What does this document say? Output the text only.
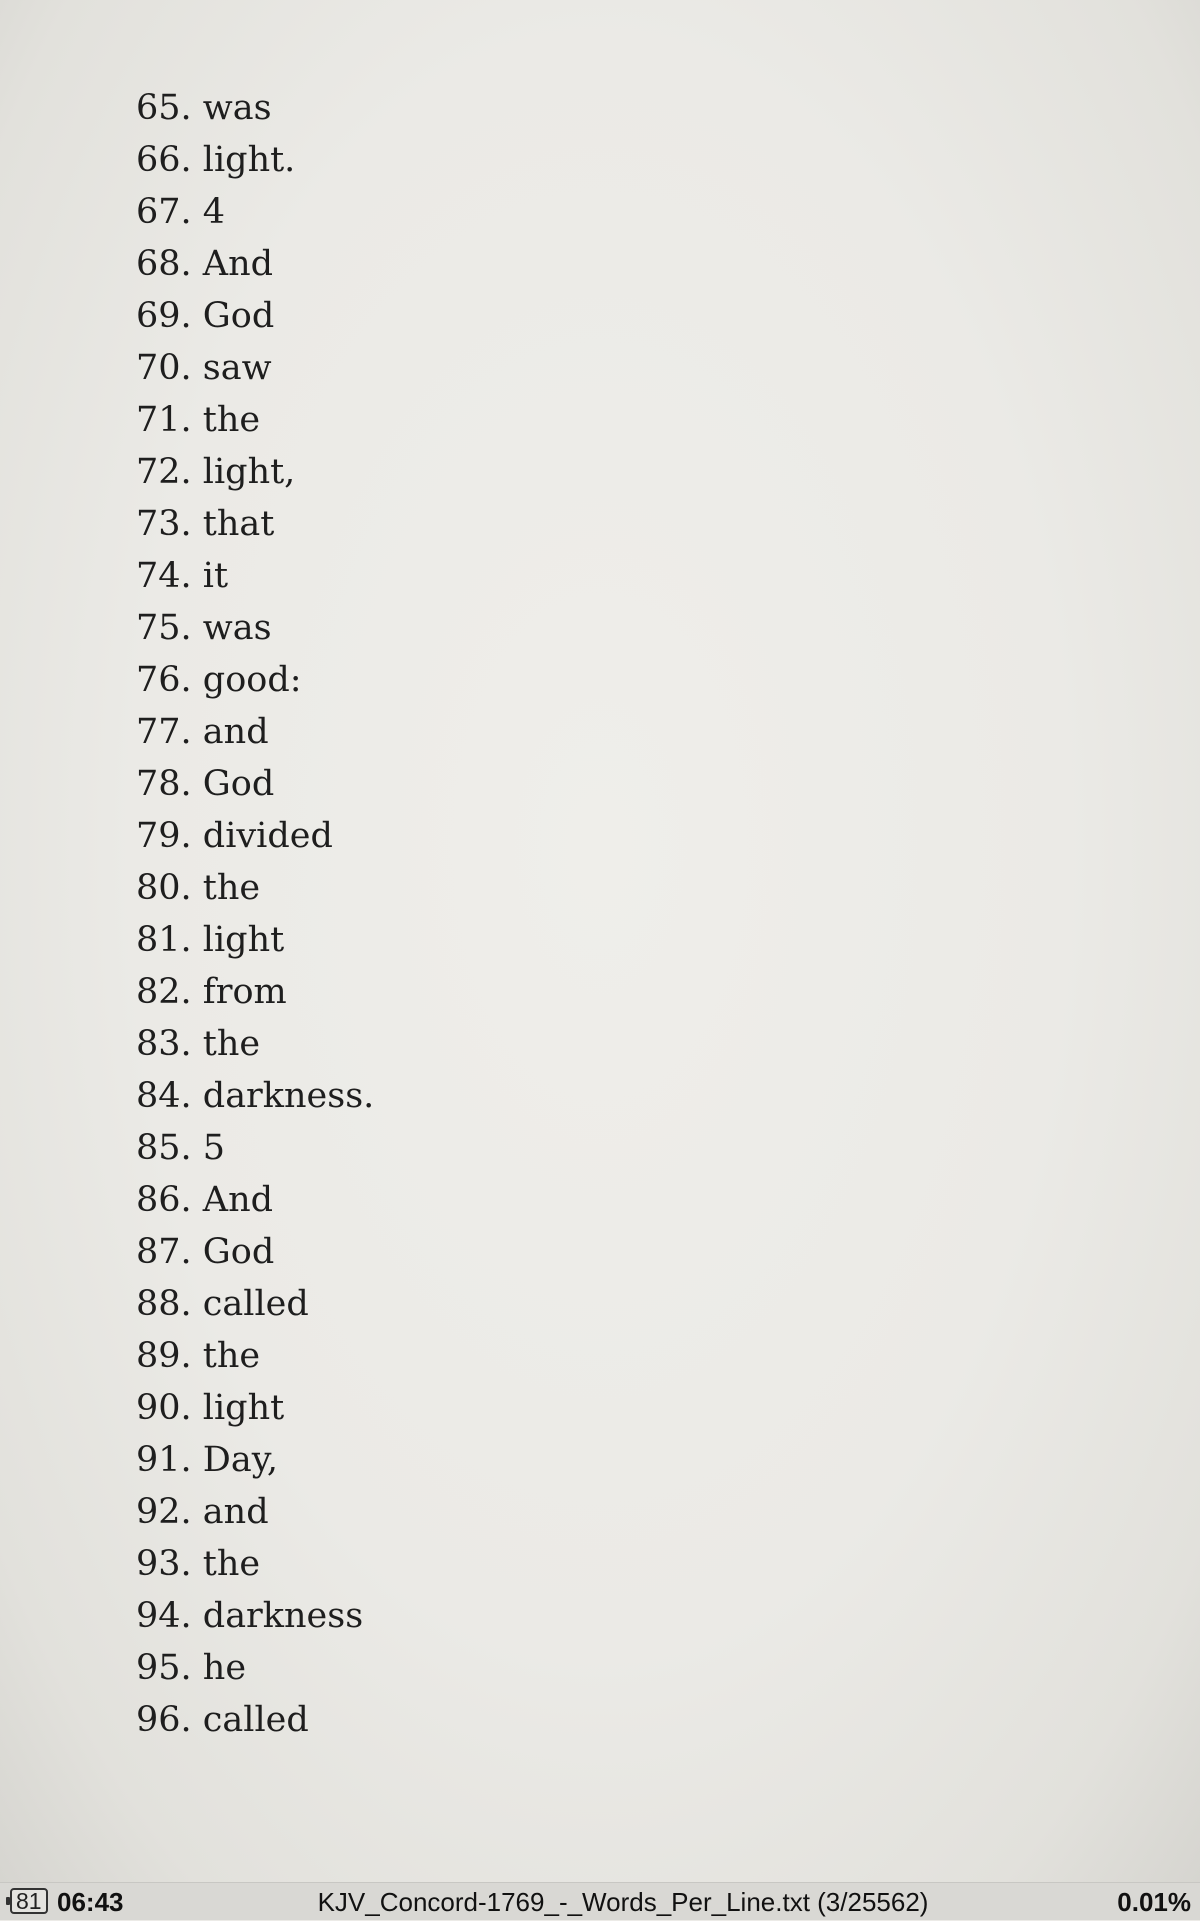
65. was
66. light.
67. 4
68. And
69. God
70. saw
71. the
72. light,
73. that
74. it
75. was
76. good:
77. and
78. God
79. divided
80. the
81. light
82. from
83. the
84. darkness.
85. 5
86. And
87. God
88. called
89. the
90. light
91. Day,
92. and
93. the
94. darkness
95. he
96. called
81 06:43	KJV_Concord-1769_-_Words_Per_Line.txt (3/25562)	0.01%
